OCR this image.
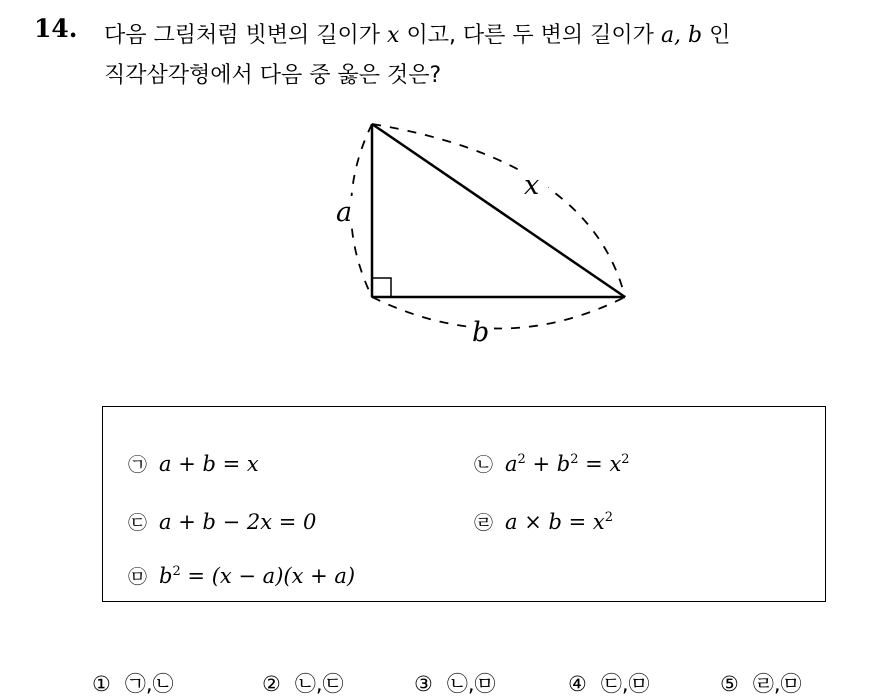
14. 다음 그림처럼 빗변의 길이가 x 이고, 다른 두 변의 길이가 a, b 인
직각삼각형에서 다음 중 옳은 것은?
a
b
x
㉠ a + b = x	㉡ $a^2 + b^2 = x^2$
㉢ a + b − 2x = 0	㉣ $a \times b = x^2$
㉤ $b^2 = (x - a)(x + a)$
① ㉠,㉡	② ㉡,㉢	③ ㉡,㉤	④ ㉢,㉤	⑤ ㉣,㉤
